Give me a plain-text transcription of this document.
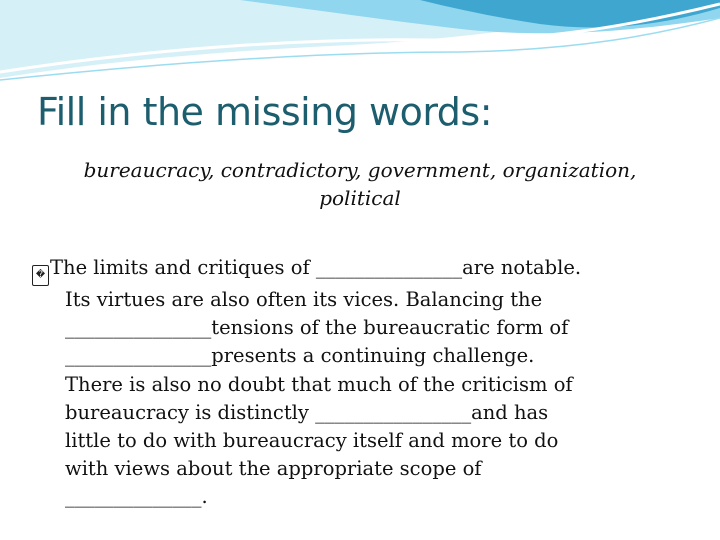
Fill in the missing words:
bureaucracy, contradictory, government, organization, political
� The limits and critiques of _______________are notable.
Its virtues are also often its vices. Balancing the
_______________tensions of the bureaucratic form of
_______________presents a continuing challenge.
There is also no doubt that much of the criticism of
bureaucracy is distinctly ________________and has
little to do with bureaucracy itself and more to do
with views about the appropriate scope of
______________.
